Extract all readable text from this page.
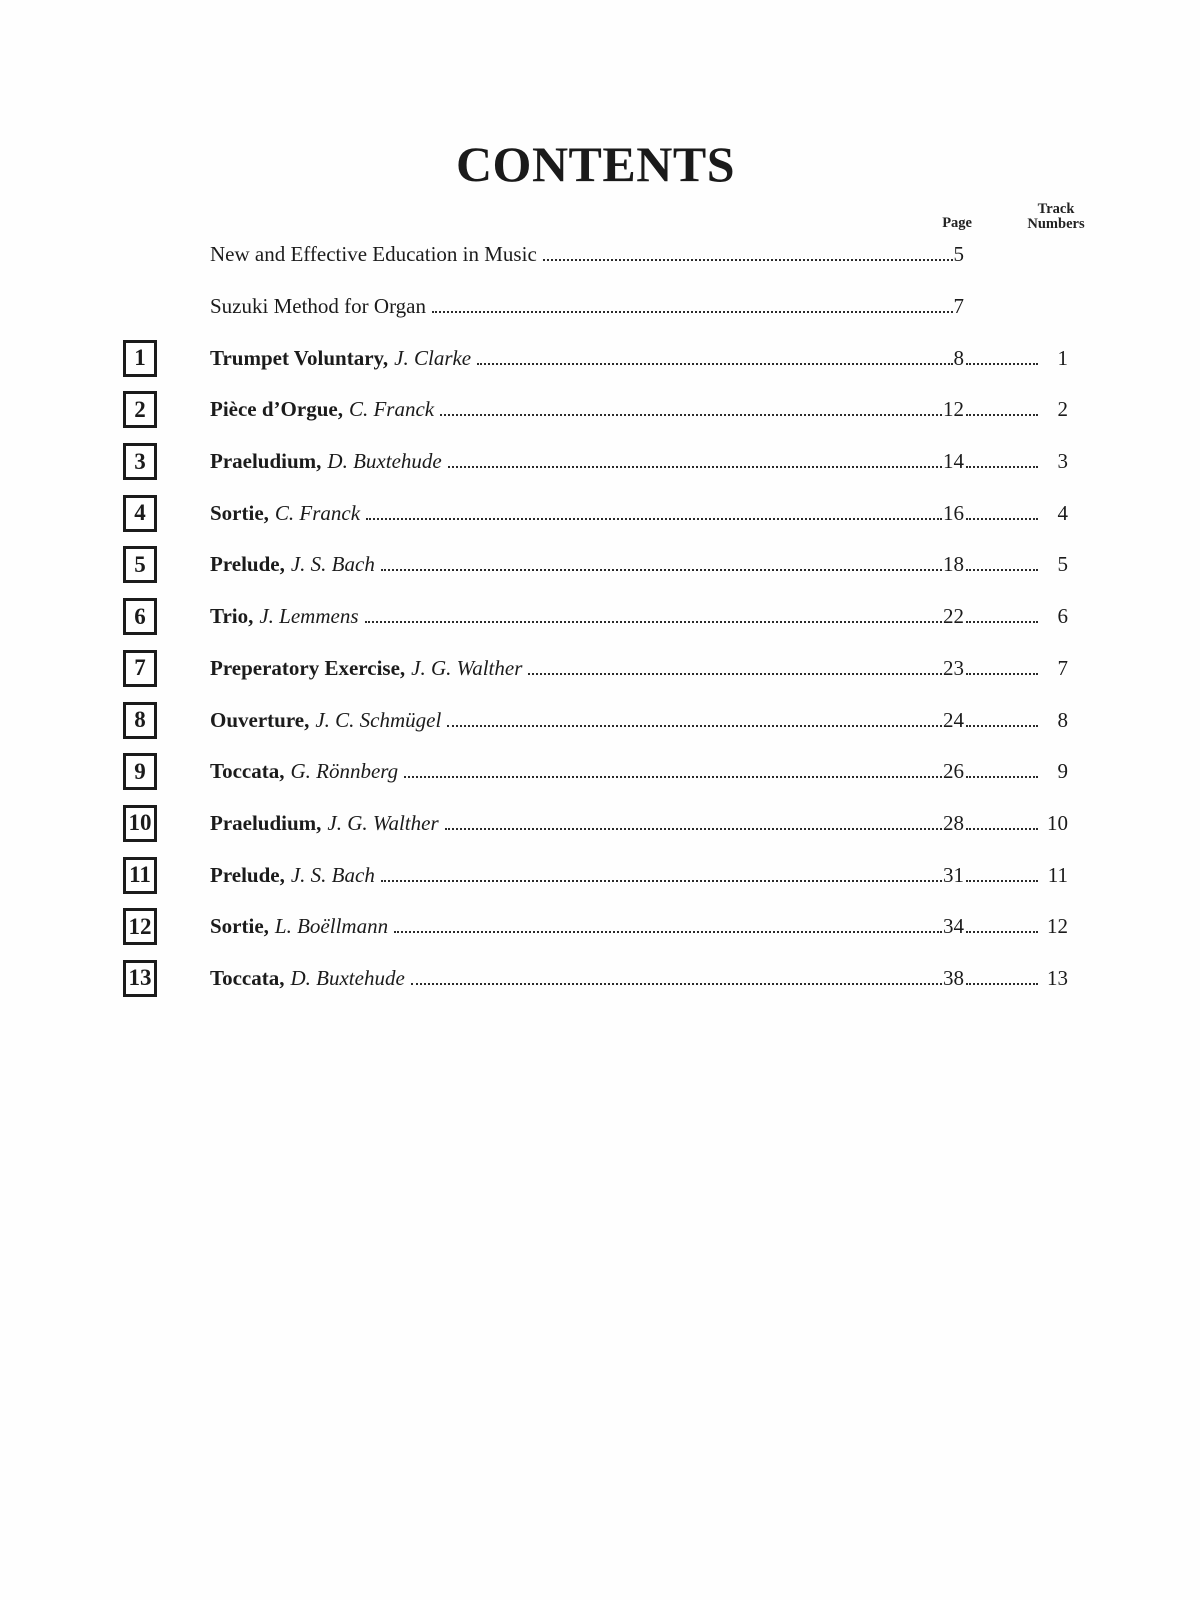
CONTENTS
Page
Track
Numbers
New and Effective Education in Music	5
Suzuki Method for Organ	7
1	Trumpet Voluntary, J. Clarke	8	1
2	Pièce d’Orgue, C. Franck	12	2
3	Praeludium, D. Buxtehude	14	3
4	Sortie, C. Franck	16	4
5	Prelude, J. S. Bach	18	5
6	Trio, J. Lemmens	22	6
7	Preperatory Exercise, J. G. Walther	23	7
8	Ouverture, J. C. Schmügel	24	8
9	Toccata, G. Rönnberg	26	9
10	Praeludium, J. G. Walther	28	10
11	Prelude, J. S. Bach	31	11
12	Sortie, L. Boëllmann	34	12
13	Toccata, D. Buxtehude	38	13
